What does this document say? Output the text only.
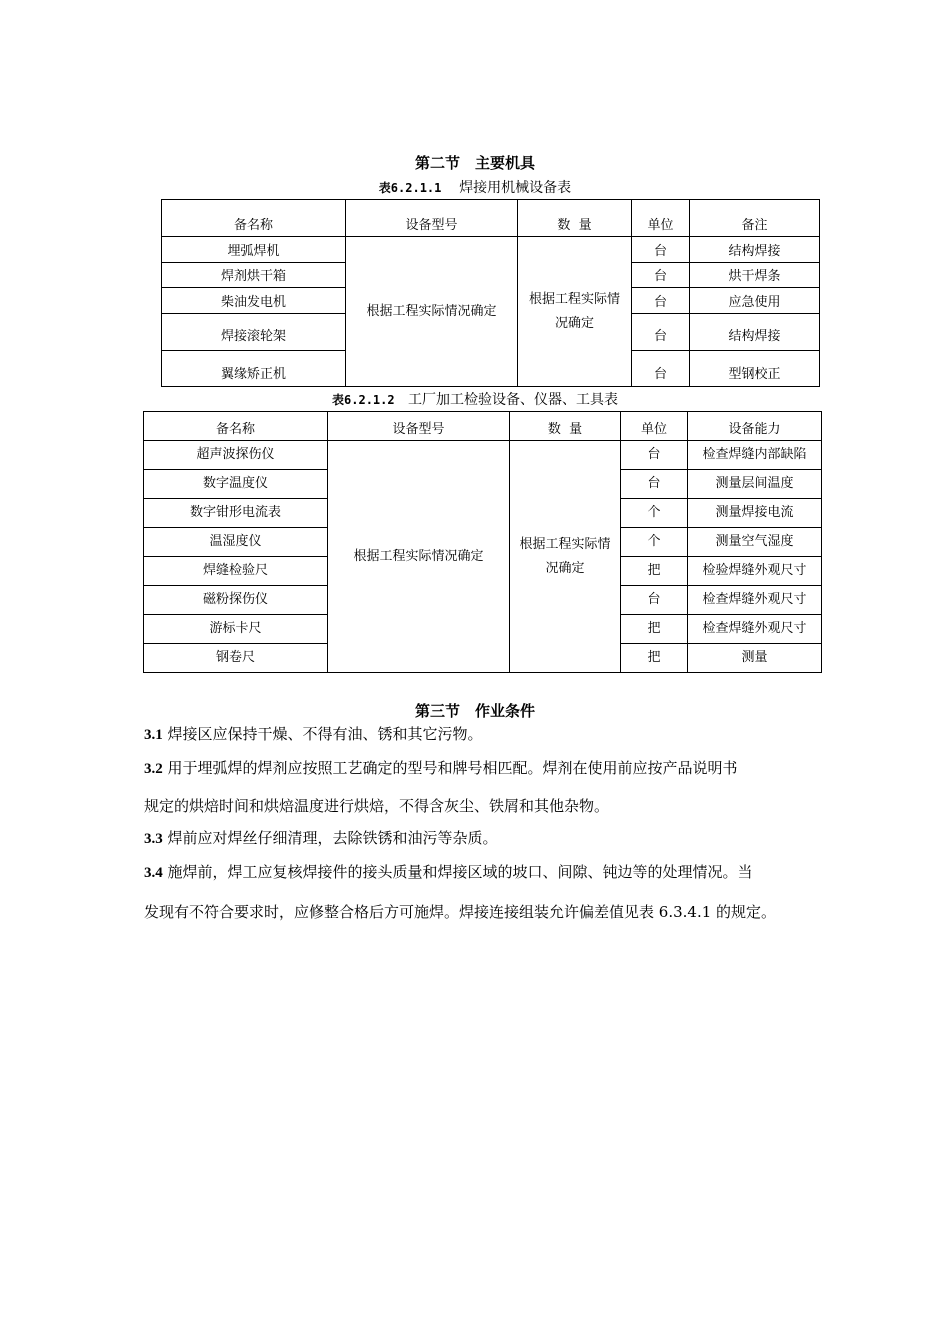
第二节　主要机具
表6.2.1.1 焊接用机械设备表
备名称	设备型号	数  量	单位	备注
埋弧焊机	根据工程实际情况确定	根据工程实际情况确定	台	结构焊接
焊剂烘干箱			台	烘干焊条
柴油发电机			台	应急使用
焊接滚轮架			台	结构焊接
翼缘矫正机			台	型钢校正
表6.2.1.2 工厂加工检验设备、仪器、工具表
备名称	设备型号	数  量	单位	设备能力
超声波探伤仪	根据工程实际情况确定	根据工程实际情况确定	台	检查焊缝内部缺陷
数字温度仪			台	测量层间温度
数字钳形电流表			个	测量焊接电流
温湿度仪			个	测量空气湿度
焊缝检验尺			把	检验焊缝外观尺寸
磁粉探伤仪			台	检查焊缝外观尺寸
游标卡尺			把	检查焊缝外观尺寸
钢卷尺			把	测量
第三节　作业条件
3.1 焊接区应保持干燥、不得有油、锈和其它污物。
3.2 用于埋弧焊的焊剂应按照工艺确定的型号和牌号相匹配。焊剂在使用前应按产品说明书
规定的烘焙时间和烘焙温度进行烘焙，不得含灰尘、铁屑和其他杂物。
3.3 焊前应对焊丝仔细清理，去除铁锈和油污等杂质。
3.4 施焊前，焊工应复核焊接件的接头质量和焊接区域的坡口、间隙、钝边等的处理情况。当
发现有不符合要求时，应修整合格后方可施焊。焊接连接组装允许偏差值见表 6.3.4.1 的规定。
